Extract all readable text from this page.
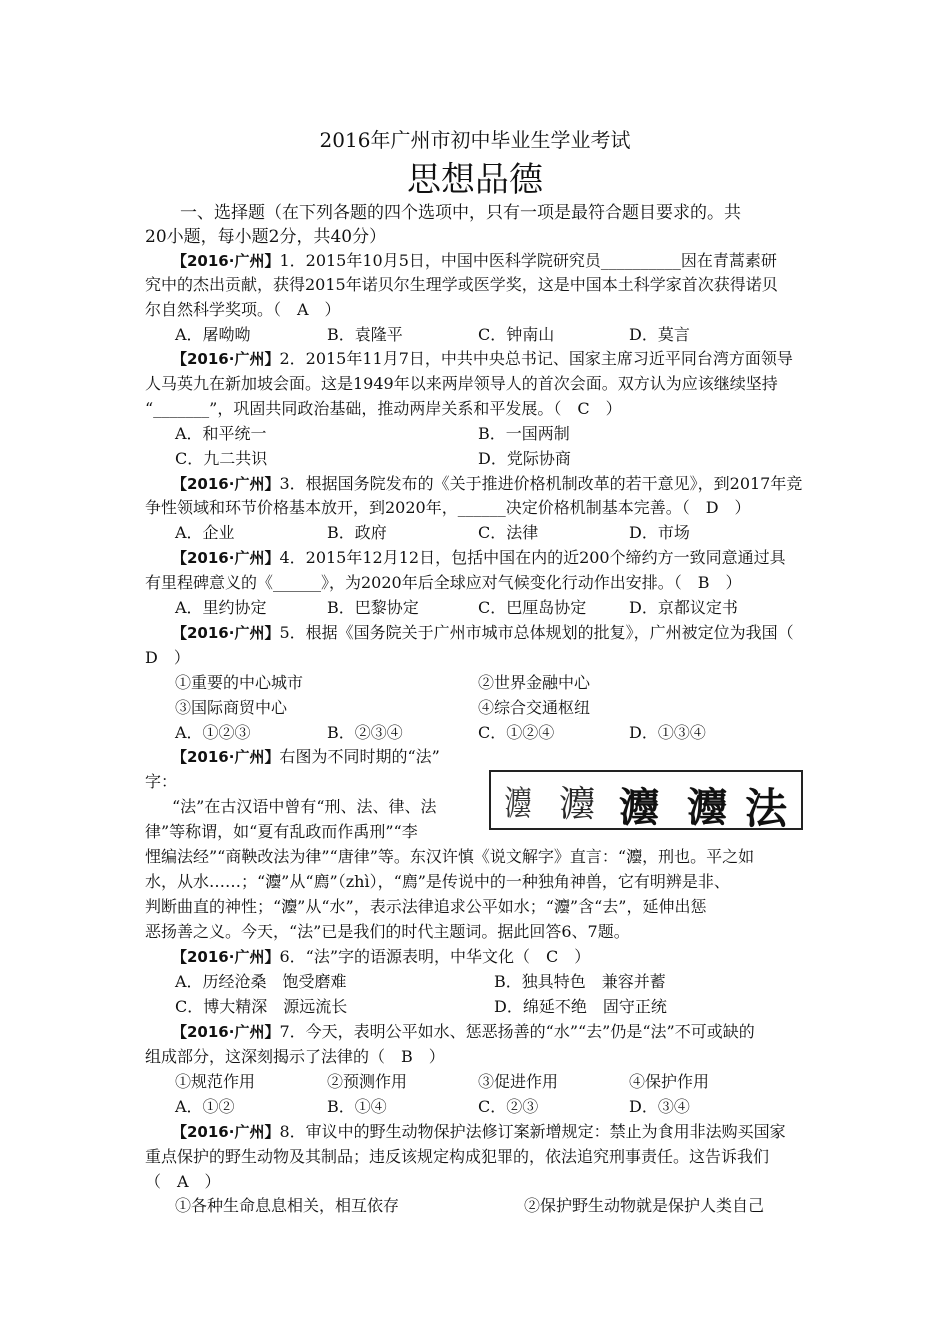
2016年广州市初中毕业生学业考试
思想品德
一、选择题（在下列各题的四个选项中，只有一项是最符合题目要求的。共
20小题，每小题2分，共40分）
【2016·广州】1．2015年10月5日，中国中医科学院研究员__________因在青蒿素研
究中的杰出贡献，获得2015年诺贝尔生理学或医学奖，这是中国本土科学家首次获得诺贝
尔自然科学奖项。（　A　）
A．屠呦呦	B．袁隆平	C．钟南山	D．莫言
【2016·广州】2．2015年11月7日，中共中央总书记、国家主席习近平同台湾方面领导
人马英九在新加坡会面。这是1949年以来两岸领导人的首次会面。双方认为应该继续坚持
“_______”，巩固共同政治基础，推动两岸关系和平发展。（　C　）
A．和平统一	B．一国两制
C．九二共识	D．党际协商
【2016·广州】3．根据国务院发布的《关于推进价格机制改革的若干意见》，到2017年竞
争性领域和环节价格基本放开，到2020年，______决定价格机制基本完善。（　D　）
A．企业	B．政府	C．法律	D．市场
【2016·广州】4．2015年12月12日，包括中国在内的近200个缔约方一致同意通过具
有里程碑意义的《______》，为2020年后全球应对气候变化行动作出安排。（　B　）
A．里约协定	B．巴黎协定	C．巴厘岛协定	D．京都议定书
【2016·广州】5．根据《国务院关于广州市城市总体规划的批复》，广州被定位为我国（
D　）
①重要的中心城市	②世界金融中心
③国际商贸中心	④综合交通枢纽
A．①②③	B．②③④	C．①②④	D．①③④
【2016·广州】右图为不同时期的“法”
字：
“法”在古汉语中曾有“刑、法、律、法
律”等称谓，如“夏有乱政而作禹刑”“李
悝编法经”“商鞅改法为律”“唐律”等。东汉许慎《说文解字》直言：“灋，刑也。平之如
水，从水……；“灋”从“廌”（zhì），“廌”是传说中的一种独角神兽，它有明辨是非、
判断曲直的神性；“灋”从“水”，表示法律追求公平如水；“灋”含“去”，延伸出惩
恶扬善之义。今天，“法”已是我们的时代主题词。据此回答6、7题。
灋 灋 灋 灋 法
【2016·广州】6．“法”字的语源表明，中华文化（　C　）
A．历经沧桑　饱受磨难	B．独具特色　兼容并蓄
C．博大精深　源远流长	D．绵延不绝　固守正统
【2016·广州】7．今天，表明公平如水、惩恶扬善的“水”“去”仍是“法”不可或缺的
组成部分，这深刻揭示了法律的（　B　）
①规范作用	②预测作用	③促进作用	④保护作用
A．①②	B．①④	C．②③	D．③④
【2016·广州】8．审议中的野生动物保护法修订案新增规定：禁止为食用非法购买国家
重点保护的野生动物及其制品；违反该规定构成犯罪的，依法追究刑事责任。这告诉我们
（　A　）
①各种生命息息相关，相互依存	②保护野生动物就是保护人类自己
